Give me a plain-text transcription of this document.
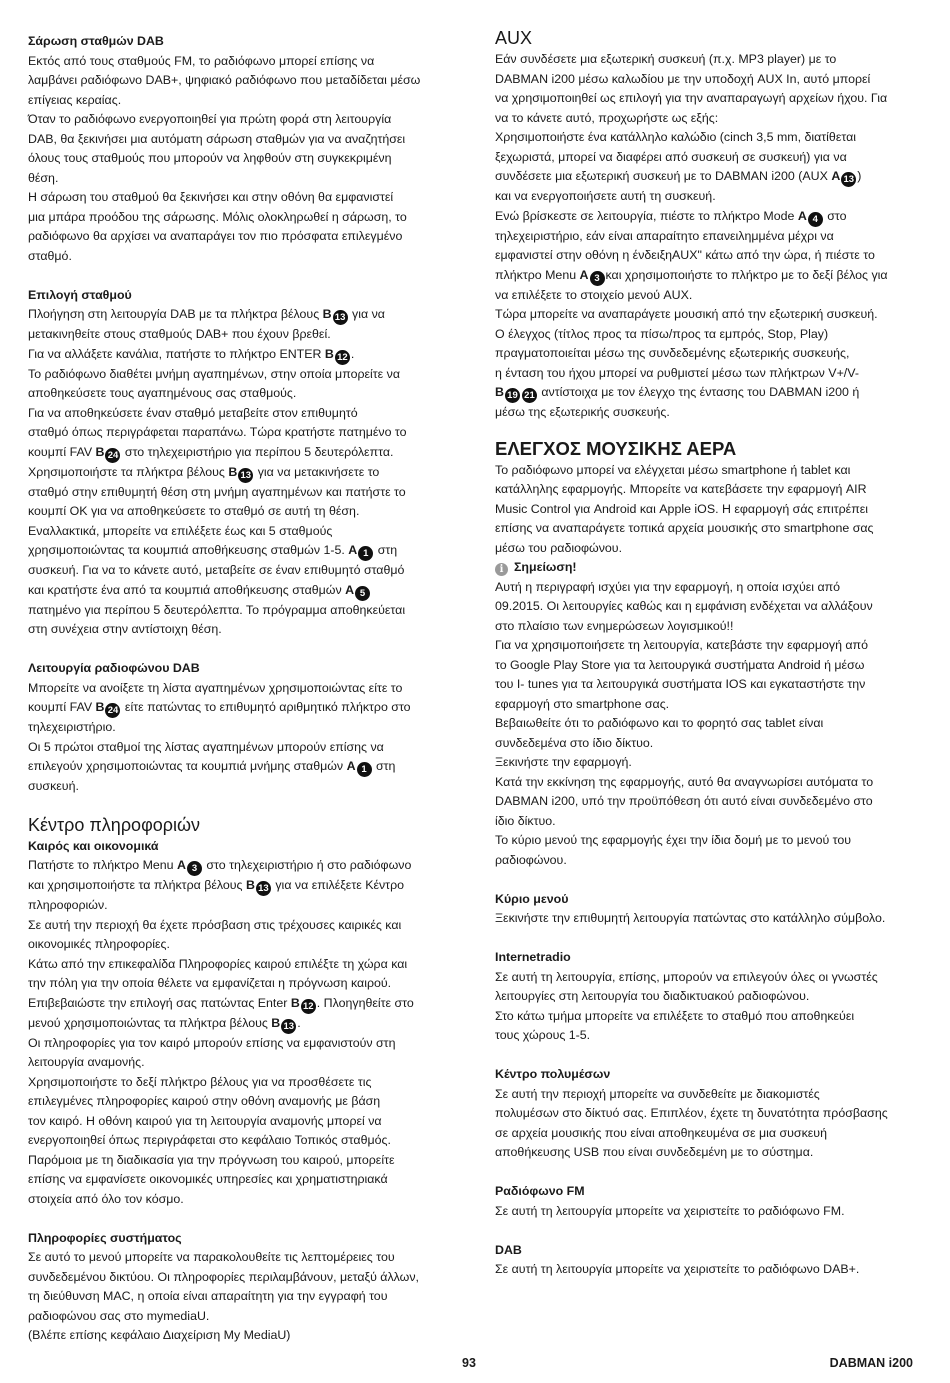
Σάρωση σταθμών DAB

Εκτός από τους σταθμούς FM, το ραδιόφωνο μπορεί επίσης να

λαμβάνει ραδιόφωνο DAB+, ψηφιακό ραδιόφωνο που μεταδίδεται μέσω

επίγειας κεραίας.

Όταν το ραδιόφωνο ενεργοποιηθεί για πρώτη φορά στη λειτουργία

DAB, θα ξεκινήσει μια αυτόματη σάρωση σταθμών για να αναζητήσει

όλους τους σταθμούς που μπορούν να ληφθούν στη συγκεκριμένη

θέση.

Η σάρωση του σταθμού θα ξεκινήσει και στην οθόνη θα εμφανιστεί

μια μπάρα προόδου της σάρωσης. Μόλις ολοκληρωθεί η σάρωση, το

ραδιόφωνο θα αρχίσει να αναπαράγει τον πιο πρόσφατα επιλεγμένο

σταθμό.

Επιλογή σταθμού

Πλοήγηση στη λειτουργία DAB με τα πλήκτρα βέλους B 13 για να

μετακινηθείτε στους σταθμούς DAB+ που έχουν βρεθεί.

Για να αλλάξετε κανάλια, πατήστε το πλήκτρο ENTER B 12 .

Το ραδιόφωνο διαθέτει μνήμη αγαπημένων, στην οποία μπορείτε να

αποθηκεύσετε τους αγαπημένους σας σταθμούς.

Για να αποθηκεύσετε έναν σταθμό μεταβείτε στον επιθυμητό

σταθμό όπως περιγράφεται παραπάνω. Τώρα κρατήστε πατημένο το

κουμπί FAV B 24 στο τηλεχειριστήριο για περίπου 5 δευτερόλεπτα.

Χρησιμοποιήστε τα πλήκτρα βέλους B 13 για να μετακινήσετε το

σταθμό στην επιθυμητή θέση στη μνήμη αγαπημένων και πατήστε το

κουμπί OK για να αποθηκεύσετε το σταθμό σε αυτή τη θέση.

Εναλλακτικά, μπορείτε να επιλέξετε έως και 5 σταθμούς

χρησιμοποιώντας τα κουμπιά αποθήκευσης σταθμών 1-5. A 1 στη

συσκευή. Για να το κάνετε αυτό, μεταβείτε σε έναν επιθυμητό σταθμό

και κρατήστε ένα από τα κουμπιά αποθήκευσης σταθμών A 5

πατημένο για περίπου 5 δευτερόλεπτα. Το πρόγραμμα αποθηκεύεται

στη συνέχεια στην αντίστοιχη θέση.

Λειτουργία ραδιοφώνου DAB

Μπορείτε να ανοίξετε τη λίστα αγαπημένων χρησιμοποιώντας είτε το

κουμπί FAV B 24 είτε πατώντας το επιθυμητό αριθμητικό πλήκτρο στο

τηλεχειριστήριο.

Οι 5 πρώτοι σταθμοί της λίστας αγαπημένων μπορούν επίσης να

επιλεγούν χρησιμοποιώντας τα κουμπιά μνήμης σταθμών A 1 στη

συσκευή.

Κέντρο πληροφοριών

Καιρός και οικονομικά

Πατήστε το πλήκτρο Menu A 3 στο τηλεχειριστήριο ή στο ραδιόφωνο

και χρησιμοποιήστε τα πλήκτρα βέλους B 13 για να επιλέξετε Κέντρο

πληροφοριών.

Σε αυτή την περιοχή θα έχετε πρόσβαση στις τρέχουσες καιρικές και

οικονομικές πληροφορίες.

Κάτω από την επικεφαλίδα Πληροφορίες καιρού επιλέξτε τη χώρα και

την πόλη για την οποία θέλετε να εμφανίζεται η πρόγνωση καιρού.

Επιβεβαιώστε την επιλογή σας πατώντας Enter B 12 . Πλοηγηθείτε στο

μενού χρησιμοποιώντας τα πλήκτρα βέλους B 13 .

Οι πληροφορίες για τον καιρό μπορούν επίσης να εμφανιστούν στη

λειτουργία αναμονής.

Χρησιμοποιήστε το δεξί πλήκτρο βέλους για να προσθέσετε τις

επιλεγμένες πληροφορίες καιρού στην οθόνη αναμονής με βάση

τον καιρό. Η οθόνη καιρού για τη λειτουργία αναμονής μπορεί να

ενεργοποιηθεί όπως περιγράφεται στο κεφάλαιο Τοπικός σταθμός.

Παρόμοια με τη διαδικασία για την πρόγνωση του καιρού, μπορείτε

επίσης να εμφανίσετε οικονομικές υπηρεσίες και χρηματιστηριακά

στοιχεία από όλο τον κόσμο.

Πληροφορίες συστήματος

Σε αυτό το μενού μπορείτε να παρακολουθείτε τις λεπτομέρειες του

συνδεδεμένου δικτύου. Οι πληροφορίες περιλαμβάνουν, μεταξύ άλλων,

τη διεύθυνση MAC, η οποία είναι απαραίτητη για την εγγραφή του

ραδιοφώνου σας στο mymediaU.

(Βλέπε επίσης κεφάλαιο Διαχείριση My MediaU)

AUX

Εάν συνδέσετε μια εξωτερική συσκευή (π.χ. MP3 player) με το

DABMAN i200 μέσω καλωδίου με την υποδοχή AUX In, αυτό μπορεί

να χρησιμοποιηθεί ως επιλογή για την αναπαραγωγή αρχείων ήχου. Για

να το κάνετε αυτό, προχωρήστε ως εξής:

Χρησιμοποιήστε ένα κατάλληλο καλώδιο (cinch 3,5 mm, διατίθεται

ξεχωριστά, μπορεί να διαφέρει από συσκευή σε συσκευή) για να

συνδέσετε μια εξωτερική συσκευή με το DABMAN i200 (AUX A 13 )

και να ενεργοποιήσετε αυτή τη συσκευή.

Ενώ βρίσκεστε σε λειτουργία, πιέστε το πλήκτρο Mode A 4 στο

τηλεχειριστήριο, εάν είναι απαραίτητο επανειλημμένα μέχρι να

εμφανιστεί στην οθόνη η ένδειξηAUX" κάτω από την ώρα, ή πιέστε το

πλήκτρο Menu A 3 και χρησιμοποιήστε το πλήκτρο με το δεξί βέλος για

να επιλέξετε το στοιχείο μενού AUX.

Τώρα μπορείτε να αναπαράγετε μουσική από την εξωτερική συσκευή.

Ο έλεγχος (τίτλος προς τα πίσω/προς τα εμπρός, Stop, Play)

πραγματοποιείται μέσω της συνδεδεμένης εξωτερικής συσκευής,

η ένταση του ήχου μπορεί να ρυθμιστεί μέσω των πλήκτρων V+/V-

B 19 21 αντίστοιχα με τον έλεγχο της έντασης του DABMAN i200 ή

μέσω της εξωτερικής συσκευής.

ΕΛΕΓΧΟΣ ΜΟΥΣΙΚΗΣ ΑΕΡΑ

Το ραδιόφωνο μπορεί να ελέγχεται μέσω smartphone ή tablet και

κατάλληλης εφαρμογής. Μπορείτε να κατεβάσετε την εφαρμογή AIR

Music Control για Android και Apple iOS. Η εφαρμογή σάς επιτρέπει

επίσης να αναπαράγετε τοπικά αρχεία μουσικής στο smartphone σας

μέσω του ραδιοφώνου.

i Σημείωση!

Αυτή η περιγραφή ισχύει για την εφαρμογή, η οποία ισχύει από

09.2015. Οι λειτουργίες καθώς και η εμφάνιση ενδέχεται να αλλάξουν

στο πλαίσιο των ενημερώσεων λογισμικού!!

Για να χρησιμοποιήσετε τη λειτουργία, κατεβάστε την εφαρμογή από

το Google Play Store για τα λειτουργικά συστήματα Android ή μέσω

του I- tunes για τα λειτουργικά συστήματα IOS και εγκαταστήστε την

εφαρμογή στο smartphone σας.

Βεβαιωθείτε ότι το ραδιόφωνο και το φορητό σας tablet είναι

συνδεδεμένα στο ίδιο δίκτυο.

Ξεκινήστε την εφαρμογή.

Κατά την εκκίνηση της εφαρμογής, αυτό θα αναγνωρίσει αυτόματα το

DABMAN i200, υπό την προϋπόθεση ότι αυτό είναι συνδεδεμένο στο

ίδιο δίκτυο.

Το κύριο μενού της εφαρμογής έχει την ίδια δομή με το μενού του

ραδιοφώνου.

Κύριο μενού

Ξεκινήστε την επιθυμητή λειτουργία πατώντας στο κατάλληλο σύμβολο.

Internetradio

Σε αυτή τη λειτουργία, επίσης, μπορούν να επιλεγούν όλες οι γνωστές

λειτουργίες στη λειτουργία του διαδικτυακού ραδιοφώνου.

Στο κάτω τμήμα μπορείτε να επιλέξετε το σταθμό που αποθηκεύει

τους χώρους 1-5.

Κέντρο πολυμέσων

Σε αυτή την περιοχή μπορείτε να συνδεθείτε με διακομιστές

πολυμέσων στο δίκτυό σας. Επιπλέον, έχετε τη δυνατότητα πρόσβασης

σε αρχεία μουσικής που είναι αποθηκευμένα σε μια συσκευή

αποθήκευσης USB που είναι συνδεδεμένη με το σύστημα.

Ραδιόφωνο FM

Σε αυτή τη λειτουργία μπορείτε να χειριστείτε το ραδιόφωνο FM.

DAB

Σε αυτή τη λειτουργία μπορείτε να χειριστείτε το ραδιόφωνο DAB+.

93	DABMAN i200
